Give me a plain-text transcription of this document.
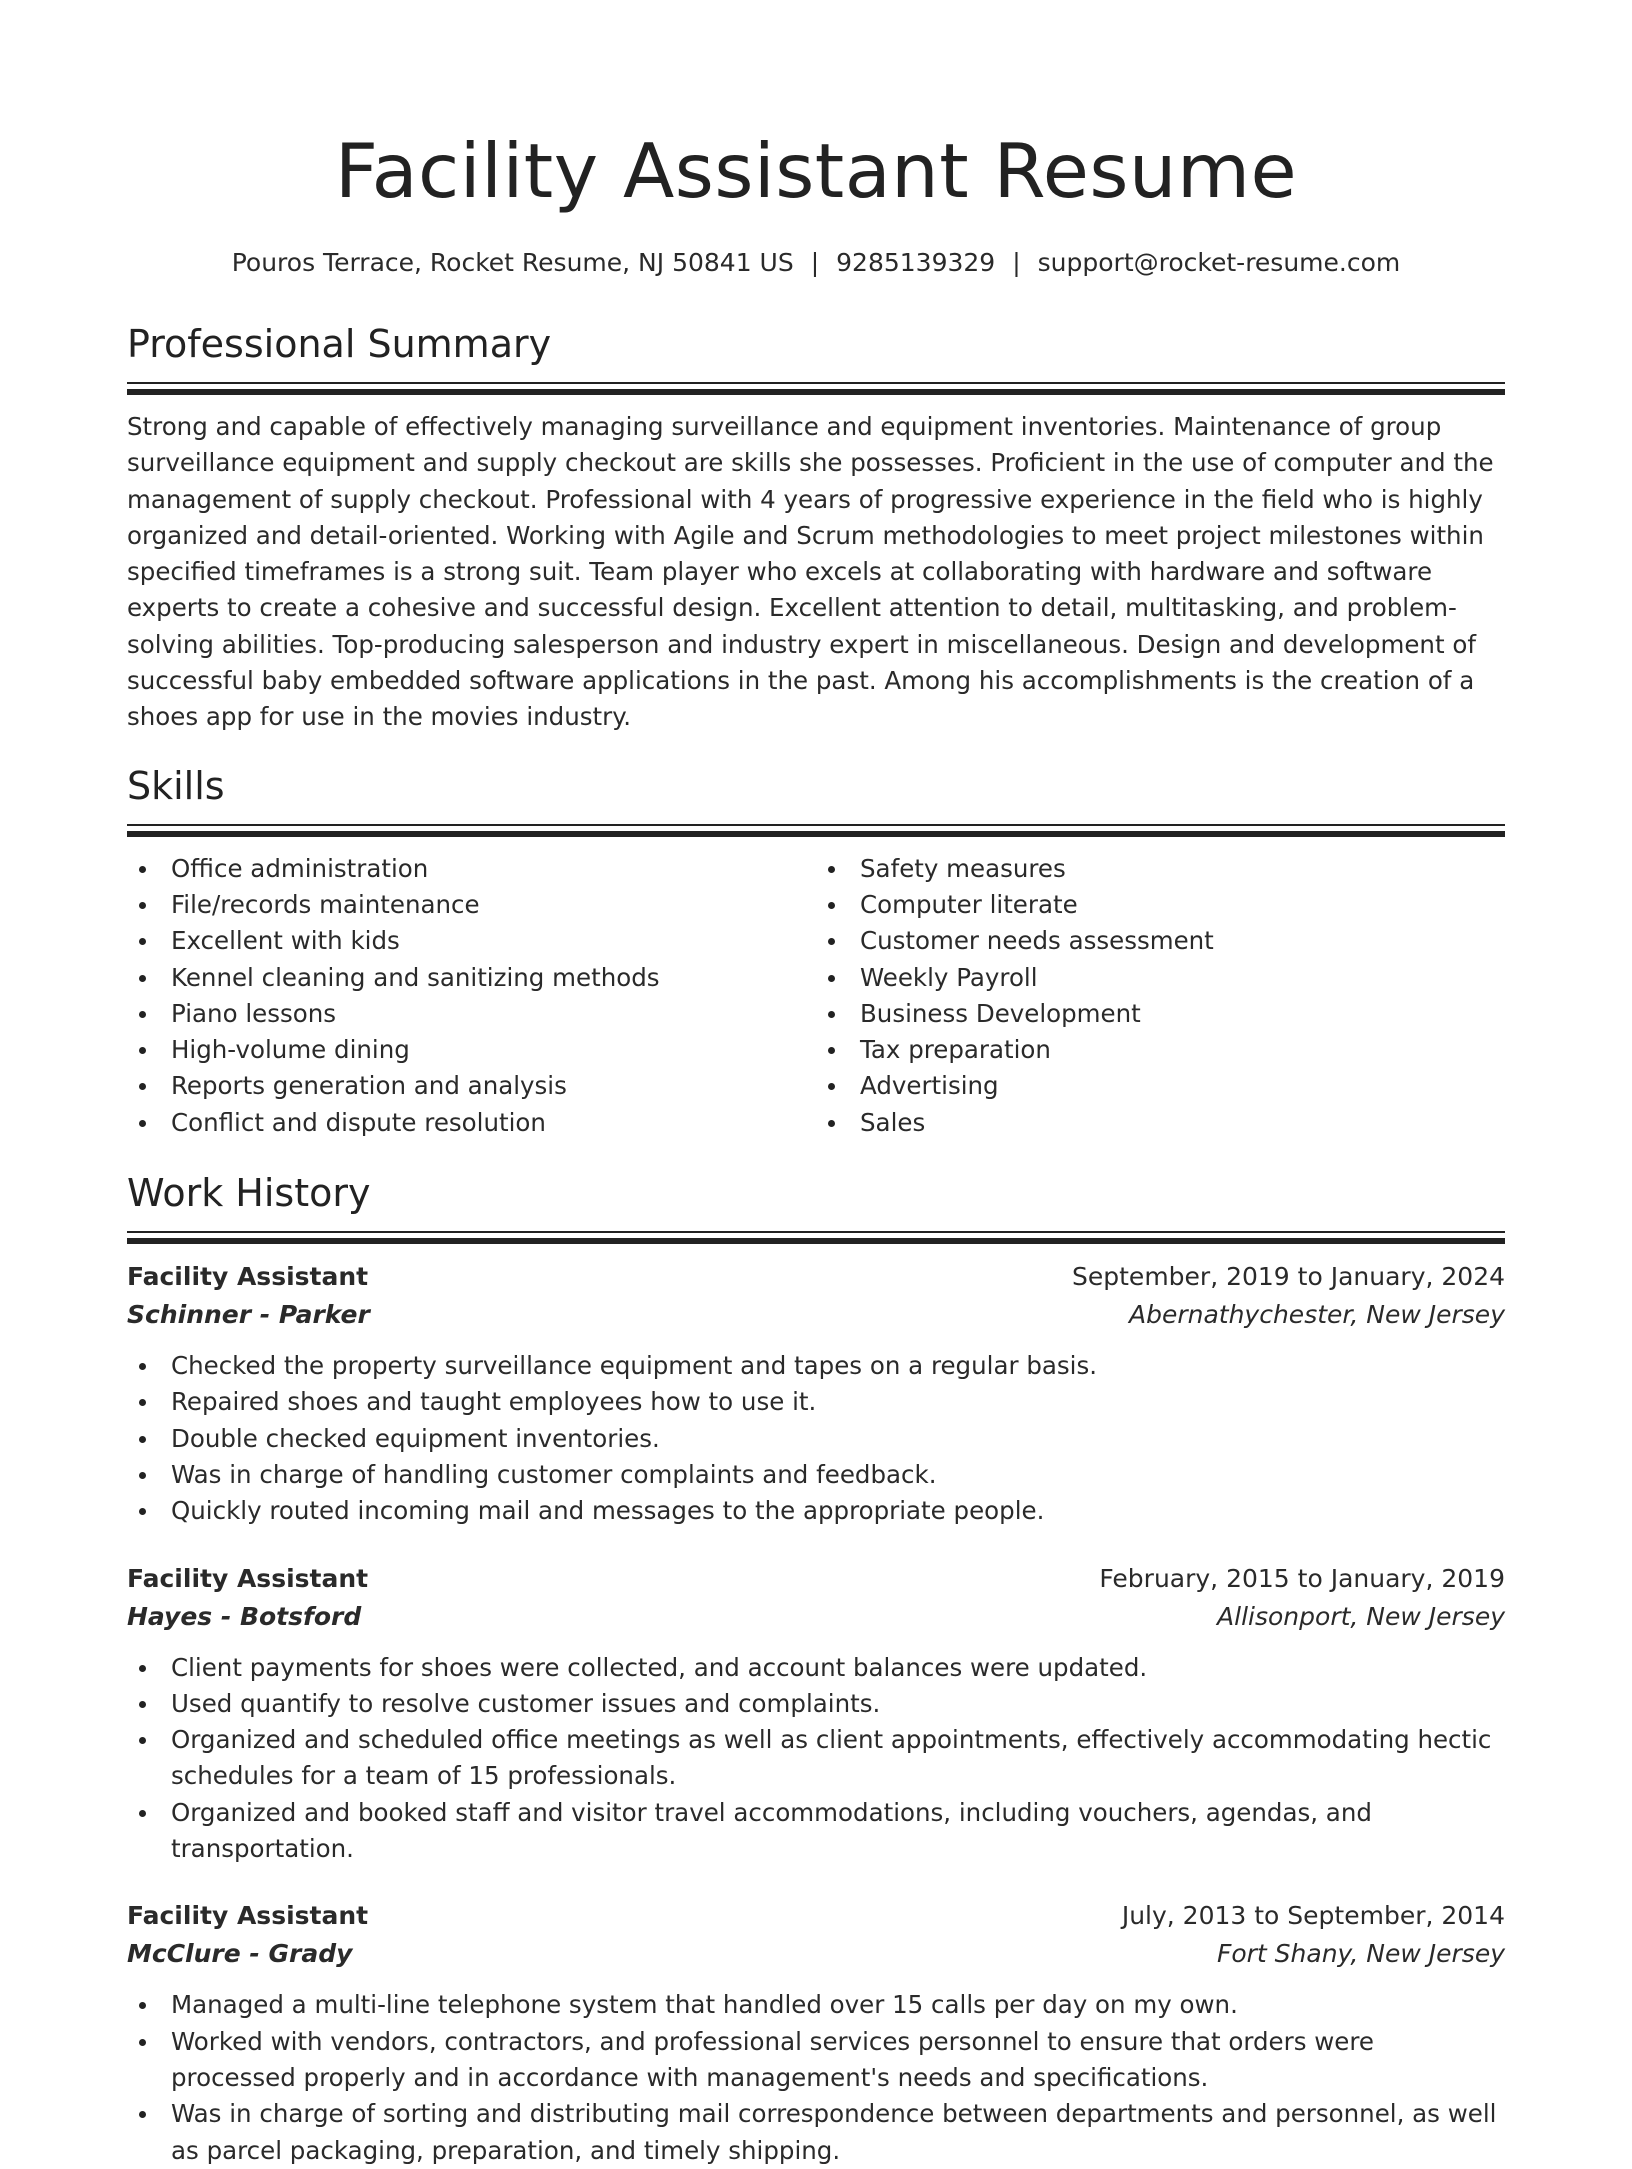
Facility Assistant Resume
Pouros Terrace, Rocket Resume, NJ 50841 US | 9285139329 | support@rocket-resume.com
Professional Summary

Strong and capable of effectively managing surveillance and equipment inventories. Maintenance of group surveillance equipment and supply checkout are skills she possesses. Proficient in the use of computer and the management of supply checkout. Professional with 4 years of progressive experience in the field who is highly organized and detail-oriented. Working with Agile and Scrum methodologies to meet project milestones within specified timeframes is a strong suit. Team player who excels at collaborating with hardware and software experts to create a cohesive and successful design. Excellent attention to detail, multitasking, and problem-solving abilities. Top-producing salesperson and industry expert in miscellaneous. Design and development of successful baby embedded software applications in the past. Among his accomplishments is the creation of a shoes app for use in the movies industry.

Skills
Office administration
File/records maintenance
Excellent with kids
Kennel cleaning and sanitizing methods
Piano lessons
High-volume dining
Reports generation and analysis
Conflict and dispute resolution
Safety measures
Computer literate
Customer needs assessment
Weekly Payroll
Business Development
Tax preparation
Advertising
Sales
Work History
Facility Assistant	September, 2019 to January, 2024
Schinner - Parker	Abernathychester, New Jersey
Checked the property surveillance equipment and tapes on a regular basis.
Repaired shoes and taught employees how to use it.
Double checked equipment inventories.
Was in charge of handling customer complaints and feedback.
Quickly routed incoming mail and messages to the appropriate people.
Facility Assistant	February, 2015 to January, 2019
Hayes - Botsford	Allisonport, New Jersey
Client payments for shoes were collected, and account balances were updated.
Used quantify to resolve customer issues and complaints.
Organized and scheduled office meetings as well as client appointments, effectively accommodating hectic schedules for a team of 15 professionals.
Organized and booked staff and visitor travel accommodations, including vouchers, agendas, and transportation.
Facility Assistant	July, 2013 to September, 2014
McClure - Grady	Fort Shany, New Jersey
Managed a multi-line telephone system that handled over 15 calls per day on my own.
Worked with vendors, contractors, and professional services personnel to ensure that orders were processed properly and in accordance with management's needs and specifications.
Was in charge of sorting and distributing mail correspondence between departments and personnel, as well as parcel packaging, preparation, and timely shipping.
